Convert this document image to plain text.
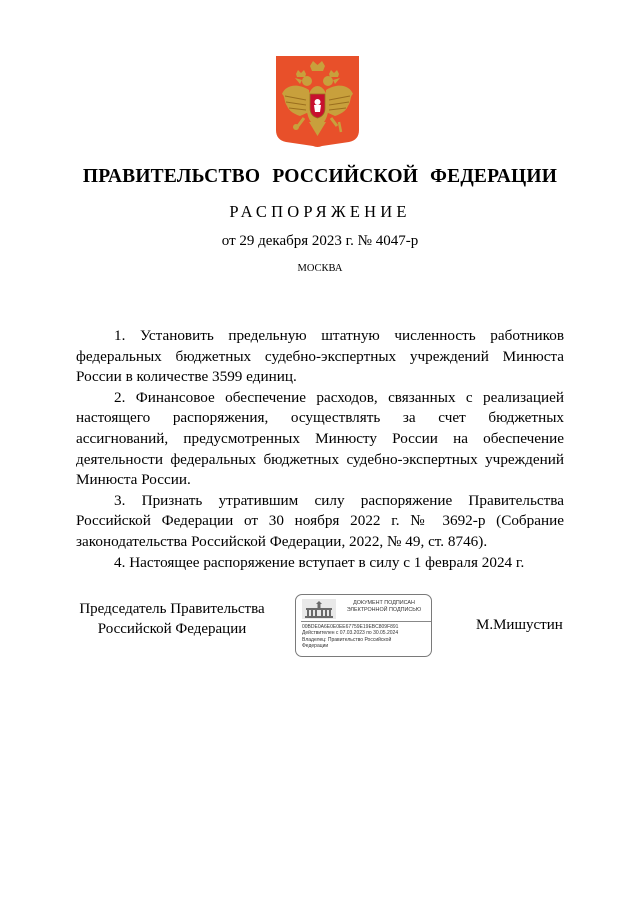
ПРАВИТЕЛЬСТВО РОССИЙСКОЙ ФЕДЕРАЦИИ
РАСПОРЯЖЕНИЕ
от 29 декабря 2023 г. № 4047-р
МОСКВА

1. Установить предельную штатную численность работников федеральных бюджетных судебно-экспертных учреждений Минюста России в количестве 3599 единиц.

2. Финансовое обеспечение расходов, связанных с реализацией настоящего распоряжения, осуществлять за счет бюджетных ассигнований, предусмотренных Минюсту России на обеспечение деятельности федеральных бюджетных судебно-экспертных учреждений Минюста России.

3. Признать утратившим силу распоряжение Правительства Российской Федерации от 30 ноября 2022 г. № 3692-р (Собрание законодательства Российской Федерации, 2022, № 49, ст. 8746).

4. Настоящее распоряжение вступает в силу с 1 февраля 2024 г.

Председатель Правительства
Российской Федерации
ДОКУМЕНТ ПОДПИСАН
ЭЛЕКТРОННОЙ ПОДПИСЬЮ
00BDE0A6E0E0EE67759E19EBC809F891
Действителен с 07.03.2023 по 30.05.2024
Владелец: Правительство Российской
Федерации
М.Мишустин
